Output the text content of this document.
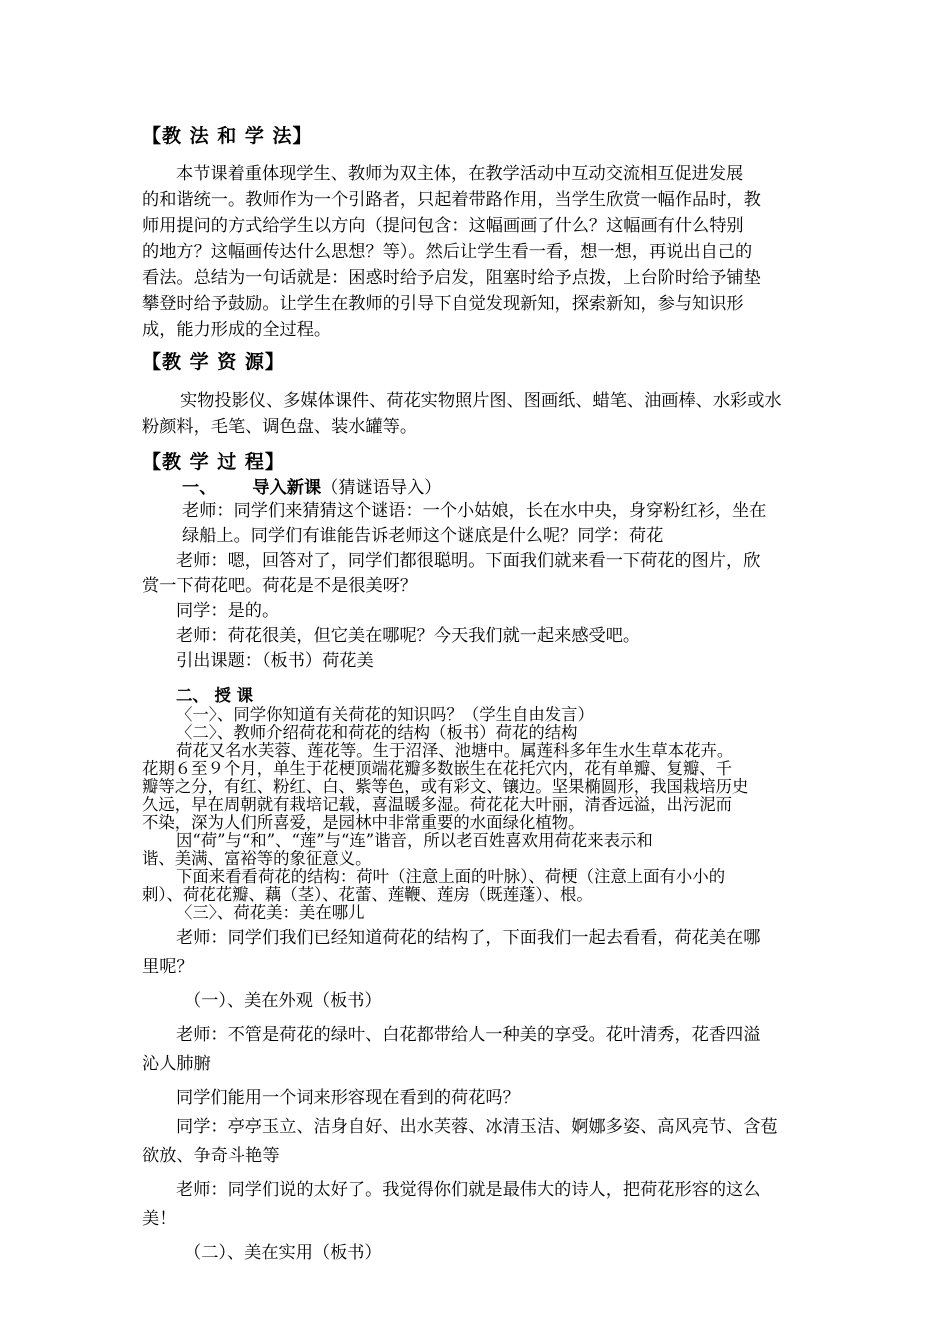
【教 法 和 学 法】
本节课着重体现学生、教师为双主体，在教学活动中互动交流相互促进发展
的和谐统一。教师作为一个引路者，只起着带路作用，当学生欣赏一幅作品时，教
师用提问的方式给学生以方向（提问包含：这幅画画了什么？这幅画有什么特别
的地方？这幅画传达什么思想？等）。然后让学生看一看，想一想，再说出自己的
看法。总结为一句话就是：困惑时给予启发，阻塞时给予点拨，上台阶时给予铺垫
攀登时给予鼓励。让学生在教师的引导下自觉发现新知，探索新知，参与知识形
成，能力形成的全过程。
【教 学 资 源】
实物投影仪、多媒体课件、荷花实物照片图、图画纸、蜡笔、油画棒、水彩或水
粉颜料，毛笔、调色盘、装水罐等。
【教 学 过 程】
一、 导入新课（猜谜语导入）
老师：同学们来猜猜这个谜语：一个小姑娘，长在水中央，身穿粉红衫，坐在
绿船上。同学们有谁能告诉老师这个谜底是什么呢？同学：荷花
老师：嗯，回答对了，同学们都很聪明。下面我们就来看一下荷花的图片，欣
赏一下荷花吧。荷花是不是很美呀？
同学：是的。
老师：荷花很美，但它美在哪呢？今天我们就一起来感受吧。
引出课题：（板书）荷花美
二、 授 课
〈一〉、同学你知道有关荷花的知识吗？（学生自由发言）
〈二〉、教师介绍荷花和荷花的结构（板书）荷花的结构
荷花又名水芙蓉、莲花等。生于沼泽、池塘中。属莲科多年生水生草本花卉。
花期６至９个月，单生于花梗顶端花瓣多数嵌生在花托穴内，花有单瓣、复瓣、千
瓣等之分，有红、粉红、白、紫等色，或有彩文、镶边。坚果椭圆形，我国栽培历史
久远，早在周朝就有栽培记载，喜温暖多湿。荷花花大叶丽，清香远溢，出污泥而
不染，深为人们所喜爱，是园林中非常重要的水面绿化植物。
因“荷”与“和”、“莲”与“连”谐音，所以老百姓喜欢用荷花来表示和
谐、美满、富裕等的象征意义。
下面来看看荷花的结构：荷叶（注意上面的叶脉）、荷梗（注意上面有小小的
刺）、荷花花瓣、藕（茎）、花蕾、莲鞭、莲房（既莲蓬）、根。
〈三〉、荷花美：美在哪儿
老师：同学们我们已经知道荷花的结构了，下面我们一起去看看，荷花美在哪
里呢？
（一）、美在外观（板书）
老师：不管是荷花的绿叶、白花都带给人一种美的享受。花叶清秀，花香四溢
沁人肺腑
同学们能用一个词来形容现在看到的荷花吗？
同学：亭亭玉立、洁身自好、出水芙蓉、冰清玉洁、婀娜多姿、高风亮节、含苞
欲放、争奇斗艳等
老师：同学们说的太好了。我觉得你们就是最伟大的诗人，把荷花形容的这么
美！
（二）、美在实用（板书）
